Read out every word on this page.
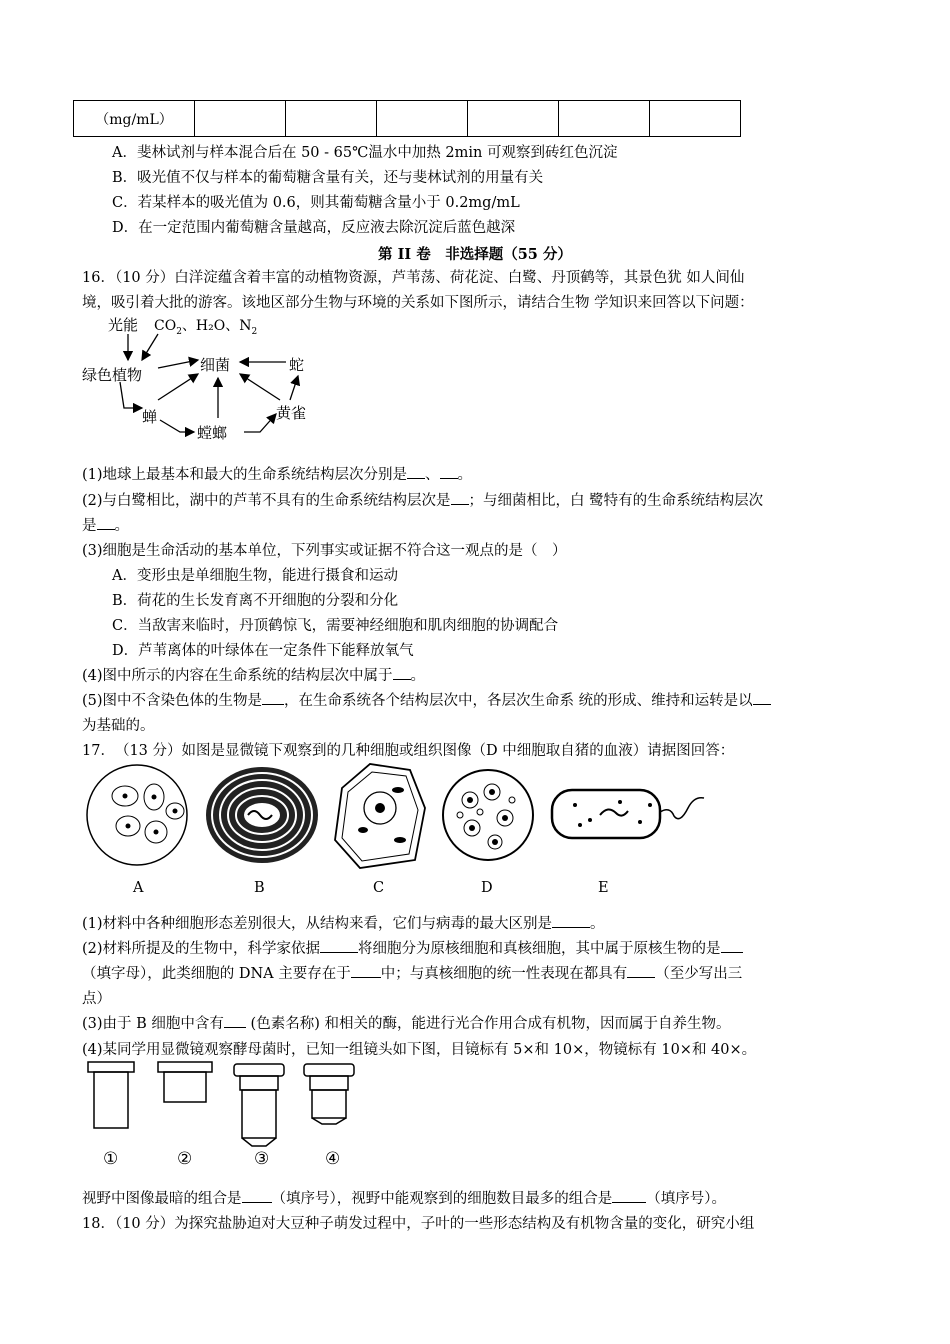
（mg/mL）						
A．斐林试剂与样本混合后在 50 - 65℃温水中加热 2min 可观察到砖红色沉淀
B．吸光值不仅与样本的葡萄糖含量有关，还与斐林试剂的用量有关
C．若某样本的吸光值为 0.6，则其葡萄糖含量小于 0.2mg/mL
D．在一定范围内葡萄糖含量越高，反应液去除沉淀后蓝色越深
第 II 卷　非选择题（55 分）
16．（10 分）白洋淀蕴含着丰富的动植物资源，芦苇荡、荷花淀、白鹭、丹顶鹤等，其景色犹 如人间仙
境，吸引着大批的游客。该地区部分生物与环境的关系如下图所示，请结合生物 学知识来回答以下问题：
光能 $CO_2$、H₂O、$N_2$
绿色植物
细菌	蛇
蝉
螳螂
黄雀
(1)地球上最基本和最大的生命系统结构层次分别是 、 。
(2)与白鹭相比，湖中的芦苇不具有的生命系统结构层次是 ；与细菌相比，白 鹭特有的生命系统结构层次
是 。
(3)细胞是生命活动的基本单位，下列事实或证据不符合这一观点的是（　）
A．变形虫是单细胞生物，能进行摄食和运动
B．荷花的生长发育离不开细胞的分裂和分化
C．当敌害来临时，丹顶鹤惊飞，需要神经细胞和肌肉细胞的协调配合
D．芦苇离体的叶绿体在一定条件下能释放氧气
(4)图中所示的内容在生命系统的结构层次中属于 。
(5)图中不含染色体的生物是 ，在生命系统各个结构层次中，各层次生命系 统的形成、维持和运转是以
为基础的。
17．　（13 分）如图是显微镜下观察到的几种细胞或组织图像（D 中细胞取自猪的血液）请据图回答：
A	B	C	D	E
(1)材料中各种细胞形态差别很大，从结构来看，它们与病毒的最大区别是	。
(2)材料所提及的生物中，科学家依据	将细胞分为原核细胞和真核细胞，其中属于原核生物的是
（填字母），此类细胞的 DNA 主要存在于 中；与真核细胞的统一性表现在都具有 （至少写出三
点）
(3)由于 B 细胞中含有 (色素名称) 和相关的酶，能进行光合作用合成有机物，因而属于自养生物。
(4)某同学用显微镜观察酵母菌时，已知一组镜头如下图，目镜标有 5×和 10×，物镜标有 10×和 40×。
①	②	③	④
视野中图像最暗的组合是 （填序号），视野中能观察到的细胞数目最多的组合是 （填序号）。
18．（10 分）为探究盐胁迫对大豆种子萌发过程中，子叶的一些形态结构及有机物含量的变化，研究小组
